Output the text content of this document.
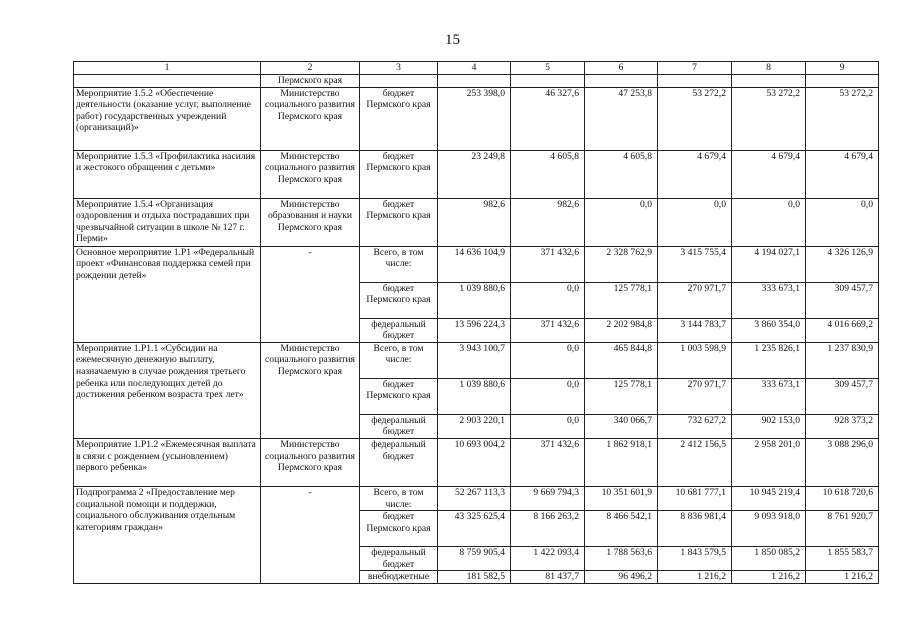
15
1	2	3	4	5	6	7	8	9
	Пермского края							
Мероприятие 1.5.2 «Обеспечение деятельности (оказание услуг, выполнение работ) государственных учреждений (организаций)»	Министерство социального развития Пермского края	бюджет Пермского края	253 398,0	46 327,6	47 253,8	53 272,2	53 272,2	53 272,2
Мероприятие 1.5.3 «Профилактика насилия и жестокого обращения с детьми»	Министерство социального развития Пермского края	бюджет Пермского края	23 249,8	4 605,8	4 605,8	4 679,4	4 679,4	4 679,4
Мероприятие 1.5.4 «Организация оздоровления и отдыха пострадавших при чрезвычайной ситуации в школе № 127 г. Перми»	Министерство образования и науки Пермского края	бюджет Пермского края	982,6	982,6	0,0	0,0	0,0	0,0
Основное мероприятие 1.Р1 «Федеральный проект «Финансовая поддержка семей при рождении детей»	-	Всего, в том числе:	14 636 104,9	371 432,6	2 328 762,9	3 415 755,4	4 194 027,1	4 326 126,9
		бюджет Пермского края	1 039 880,6	0,0	125 778,1	270 971,7	333 673,1	309 457,7
		федеральный бюджет	13 596 224,3	371 432,6	2 202 984,8	3 144 783,7	3 860 354,0	4 016 669,2
Мероприятие 1.Р1.1 «Субсидии на ежемесячную денежную выплату, назначаемую в случае рождения третьего ребенка или последующих детей до достижения ребенком возраста трех лет»	Министерство социального развития Пермского края	Всего, в том числе:	3 943 100,7	0,0	465 844,8	1 003 598,9	1 235 826,1	1 237 830,9
		бюджет Пермского края	1 039 880,6	0,0	125 778,1	270 971,7	333 673,1	309 457,7
		федеральный бюджет	2 903 220,1	0,0	340 066,7	732 627,2	902 153,0	928 373,2
Мероприятие 1.Р1.2 «Ежемесячная выплата в связи с рождением (усыновлением) первого ребенка»	Министерство социального развития Пермского края	федеральный бюджет	10 693 004,2	371 432,6	1 862 918,1	2 412 156,5	2 958 201,0	3 088 296,0
Подпрограмма 2 «Предоставление мер социальной помощи и поддержки, социального обслуживания отдельным категориям граждан»	-	Всего, в том числе:	52 267 113,3	9 669 794,3	10 351 601,9	10 681 777,1	10 945 219,4	10 618 720,6
		бюджет Пермского края	43 325 625,4	8 166 263,2	8 466 542,1	8 836 981,4	9 093 918,0	8 761 920,7
		федеральный бюджет	8 759 905,4	1 422 093,4	1 788 563,6	1 843 579,5	1 850 085,2	1 855 583,7
		внебюджетные	181 582,5	81 437,7	96 496,2	1 216,2	1 216,2	1 216,2
